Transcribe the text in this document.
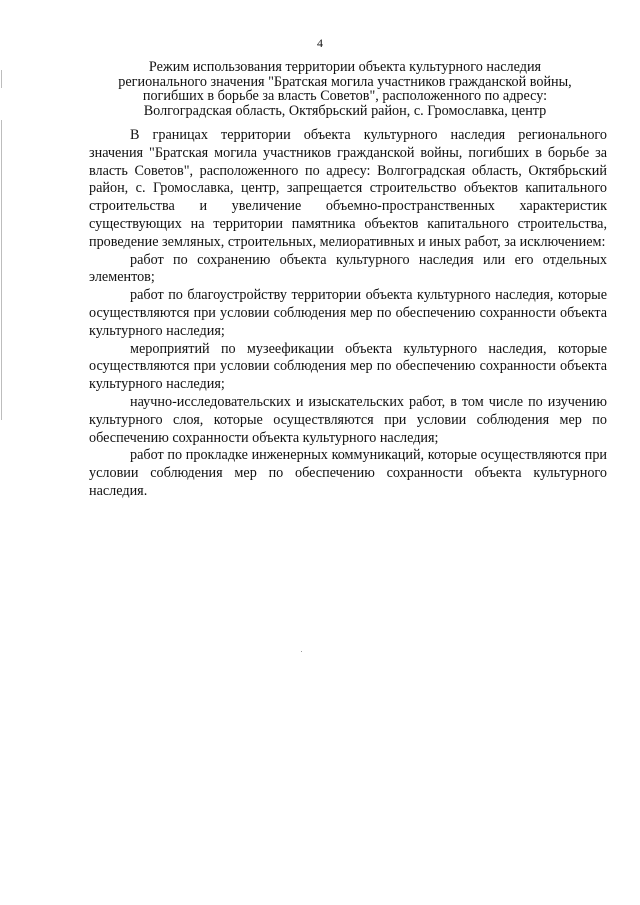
4
Режим использования территории объекта культурного наследия
регионального значения "Братская могила участников гражданской войны,
погибших в борьбе за власть Советов", расположенного по адресу:
Волгоградская область, Октябрьский район, с. Громославка, центр

В границах территории объекта культурного наследия регионального значения "Братская могила участников гражданской войны, погибших в борьбе за власть Советов", расположенного по адресу: Волгоградская область, Октябрьский район, с. Громославка, центр, запрещается строительство объектов капитального строительства и увеличение объемно-пространственных характеристик существующих на территории памятника объектов капитального строительства, проведение земляных, строительных, мелиоративных и иных работ, за исключением:

работ по сохранению объекта культурного наследия или его отдельных элементов;

работ по благоустройству территории объекта культурного наследия, которые осуществляются при условии соблюдения мер по обеспечению сохранности объекта культурного наследия;

мероприятий по музеефикации объекта культурного наследия, которые осуществляются при условии соблюдения мер по обеспечению сохранности объекта культурного наследия;

научно-исследовательских и изыскательских работ, в том числе по изучению культурного слоя, которые осуществляются при условии соблюдения мер по обеспечению сохранности объекта культурного наследия;

работ по прокладке инженерных коммуникаций, которые осуществляются при условии соблюдения мер по обеспечению сохранности объекта культурного наследия.
